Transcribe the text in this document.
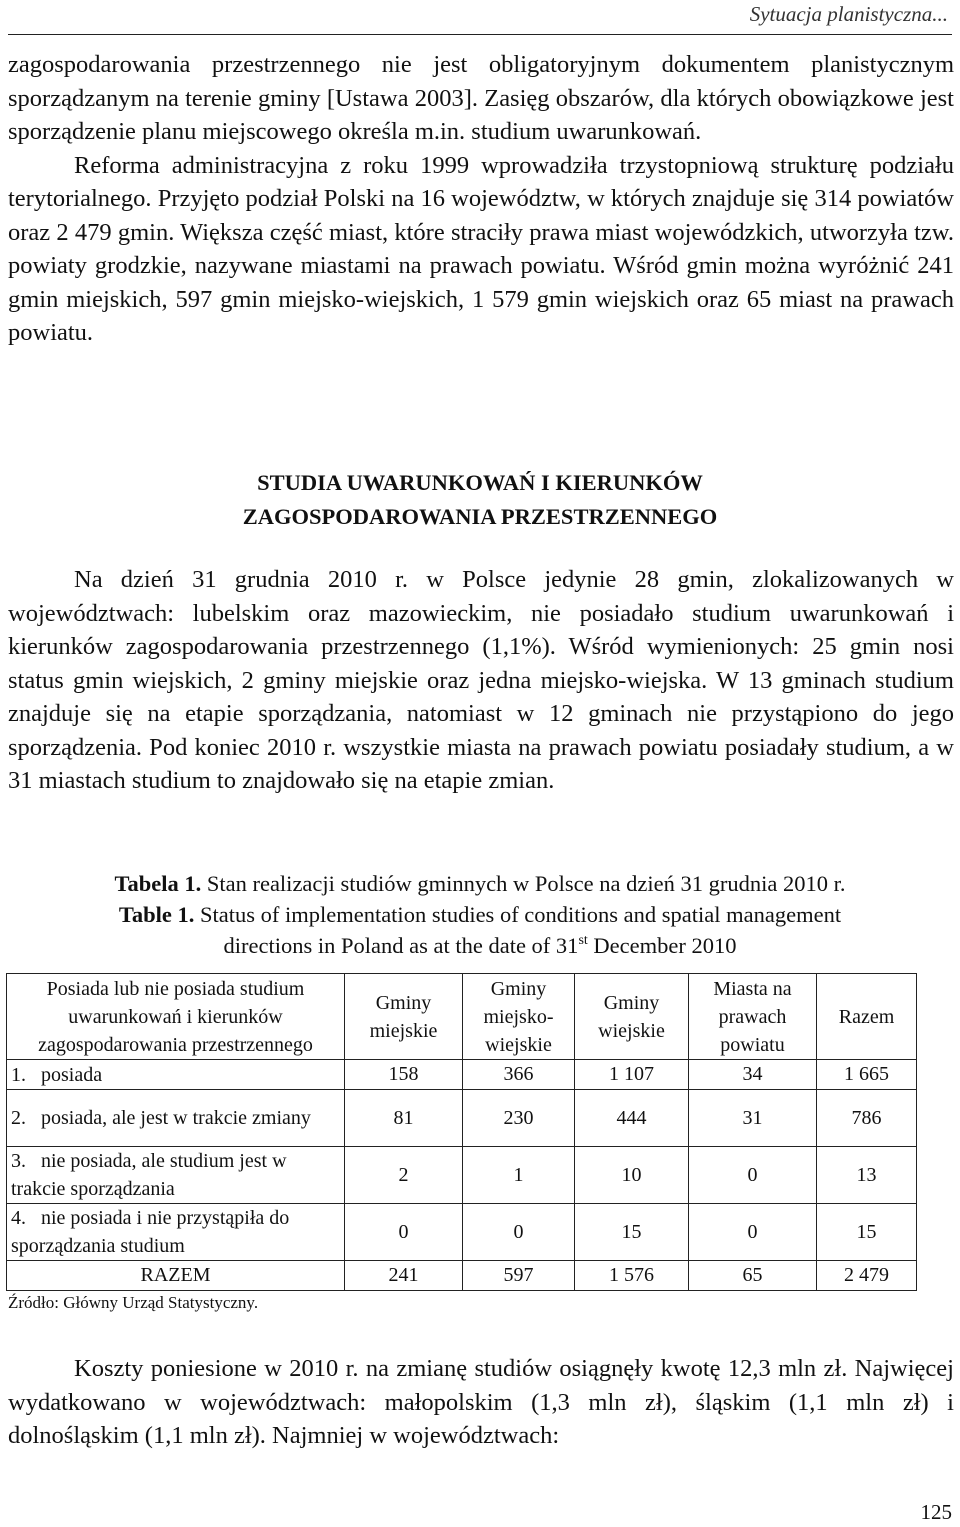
Sytuacja planistyczna...

zagospodarowania przestrzennego nie jest obligatoryjnym dokumentem planistycznym sporządzanym na terenie gminy [Ustawa 2003]. Zasięg obszarów, dla których obowiązkowe jest sporządzenie planu miejscowego określa m.in. studium uwarunkowań.

Reforma administracyjna z roku 1999 wprowadziła trzystopniową strukturę podziału terytorialnego. Przyjęto podział Polski na 16 województw, w których znajduje się 314 powiatów oraz 2 479 gmin. Większa część miast, które straciły prawa miast wojewódzkich, utworzyła tzw. powiaty grodzkie, nazywane miastami na prawach powiatu. Wśród gmin można wyróżnić 241 gmin miejskich, 597 gmin miejsko-wiejskich, 1 579 gmin wiejskich oraz 65 miast na prawach powiatu.

STUDIA UWARUNKOWAŃ I KIERUNKÓW
ZAGOSPODAROWANIA PRZESTRZENNEGO

Na dzień 31 grudnia 2010 r. w Polsce jedynie 28 gmin, zlokalizowanych w województwach: lubelskim oraz mazowieckim, nie posiadało studium uwarunkowań i kierunków zagospodarowania przestrzennego (1,1%). Wśród wymienionych: 25 gmin nosi status gmin wiejskich, 2 gminy miejskie oraz jedna miejsko-wiejska. W 13 gminach studium znajduje się na etapie sporządzania, natomiast w 12 gminach nie przystąpiono do jego sporządzenia. Pod koniec 2010 r. wszystkie miasta na prawach powiatu posiadały studium, a w 31 miastach studium to znajdowało się na etapie zmian.

Tabela 1. Stan realizacji studiów gminnych w Polsce na dzień 31 grudnia 2010 r.
Table 1. Status of implementation studies of conditions and spatial management
directions in Poland as at the date of 31st December 2010
Posiada lub nie posiada studium uwarunkowań i kierunków zagospodarowania przestrzennego	Gminy miejskie	Gminy miejsko-wiejskie	Gminy wiejskie	Miasta na prawach powiatu	Razem
1. posiada	158	366	1 107	34	1 665
2. posiada, ale jest w trakcie zmiany	81	230	444	31	786
3. nie posiada, ale studium jest w trakcie sporządzania	2	1	10	0	13
4. nie posiada i nie przystąpiła do sporządzania studium	0	0	15	0	15
RAZEM	241	597	1 576	65	2 479
Źródło: Główny Urząd Statystyczny.

Koszty poniesione w 2010 r. na zmianę studiów osiągnęły kwotę 12,3 mln zł. Najwięcej wydatkowano w województwach: małopolskim (1,3 mln zł), śląskim (1,1 mln zł) i dolnośląskim (1,1 mln zł). Najmniej w województwach:

125
